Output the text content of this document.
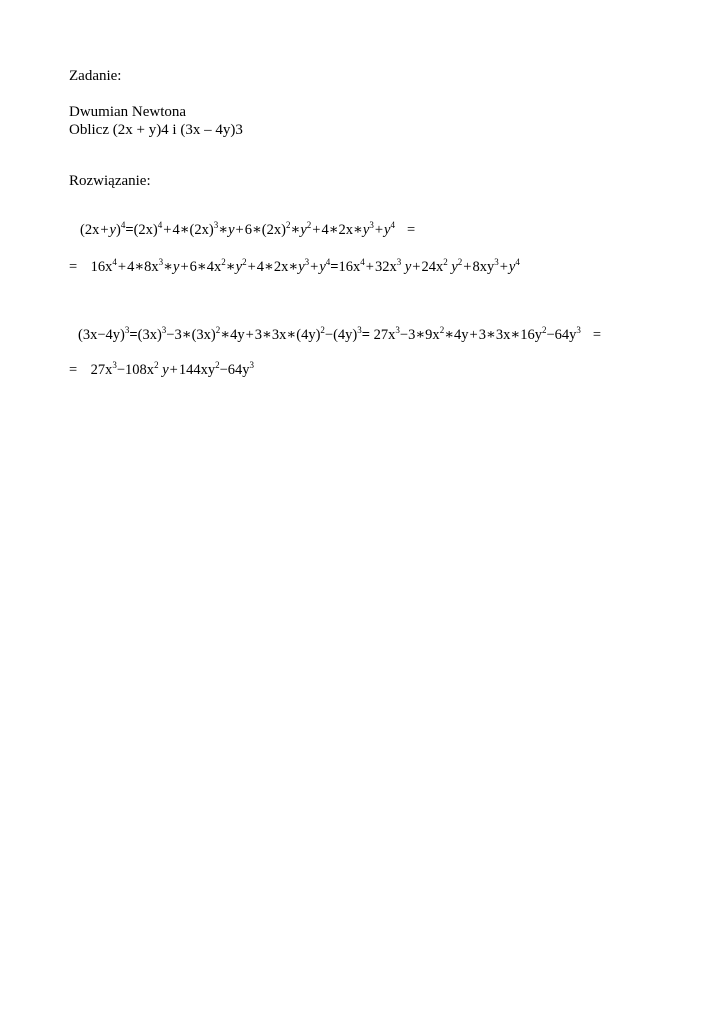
Zadanie:
Dwumian Newtona
Oblicz (2x + y)4 i (3x – 4y)3
Rozwiązanie:
$(2x+y)^4=(2x)^4+4∗(2x)^3∗y+6∗(2x)^2∗y^2+4∗2x∗y^3+y^4$ =
= $16x^4+4∗8x^3∗y+6∗4x^2∗y^2+4∗2x∗y^3+y^4=16x^4+32x^3$ $y+24x^2$ $y^2+8xy^3+y^4$
$(3x-4y)^3=(3x)^3-3∗(3x)^2∗4y+3∗3x∗(4y)^2-(4y)^3=$ $27x^3-3∗9x^2∗4y+3∗3x∗16y^2-64y^3$ =
= $27x^3-108x^2$ $y+144xy^2-64y^3$
